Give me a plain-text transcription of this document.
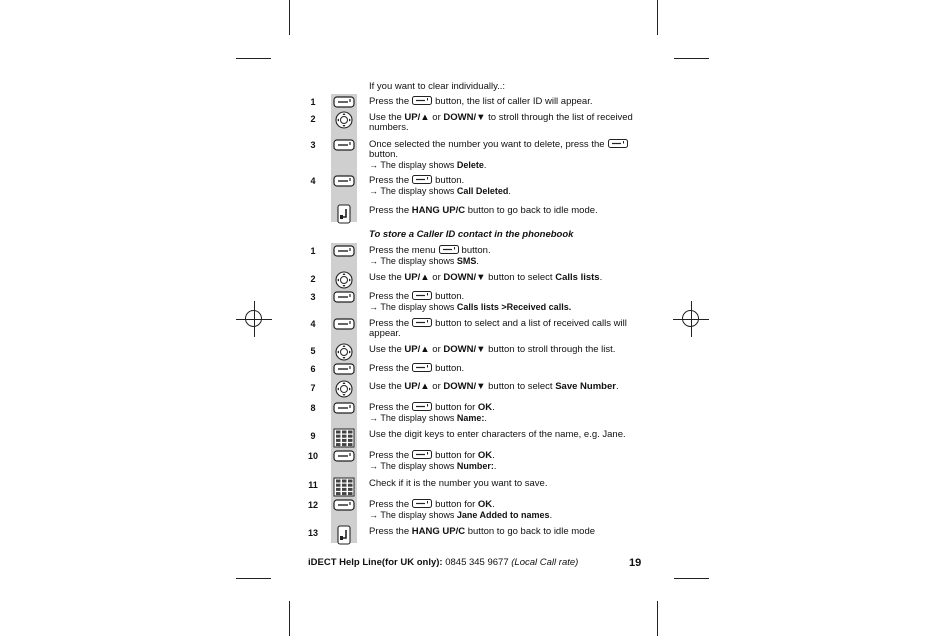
If you want to clear individually..:
To store a Caller ID contact in the phonebook
1	Press the	button, the list of caller ID will appear.
2	Use the UP/▲ or DOWN/▼ to stroll through the list of received numbers.
3	Once selected the number you want to delete, press thebutton.
→ The display shows Delete.
4	Press the	button.
→ The display shows Call Deleted.
Press the HANG UP/C button to go back to idle mode.
1	Press the menu	button.
→ The display shows SMS.
2	Use the UP/▲ or DOWN/▼ button to select Calls lists.
3	Press the	button.
→ The display shows Calls lists >Received calls.
4	Press the	button to select and a list of received calls will appear.
5	Use the UP/▲ or DOWN/▼ button to stroll through the list.
6	Press the	button.
7	Use the UP/▲ or DOWN/▼ button to select Save Number.
8	Press the	button for OK.
→ The display shows Name:.
9	Use the digit keys to enter characters of the name, e.g. Jane.
10	Press the	button for OK.
→ The display shows Number:.
11	Check if it is the number you want to save.
12	Press the	button for OK.
→ The display shows Jane Added to names.
13	Press the HANG UP/C button to go back to idle mode
iDECT Help Line(for UK only): 0845 345 9677 (Local Call rate)	19
